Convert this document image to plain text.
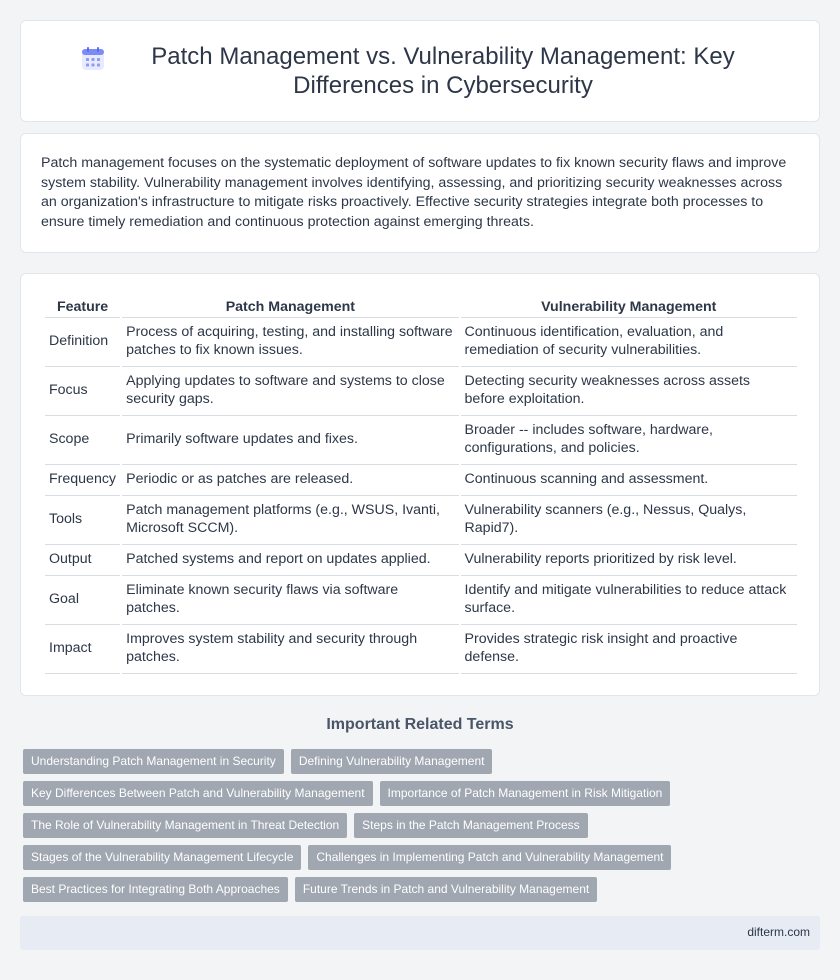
Patch Management vs. Vulnerability Management: Key Differences in Cybersecurity

Patch management focuses on the systematic deployment of software updates to fix known security flaws and improve system stability. Vulnerability management involves identifying, assessing, and prioritizing security weaknesses across an organization's infrastructure to mitigate risks proactively. Effective security strategies integrate both processes to ensure timely remediation and continuous protection against emerging threats.

Feature	Patch Management	Vulnerability Management
Definition	Process of acquiring, testing, and installing software patches to fix known issues.	Continuous identification, evaluation, and remediation of security vulnerabilities.
Focus	Applying updates to software and systems to close security gaps.	Detecting security weaknesses across assets before exploitation.
Scope	Primarily software updates and fixes.	Broader -- includes software, hardware, configurations, and policies.
Frequency	Periodic or as patches are released.	Continuous scanning and assessment.
Tools	Patch management platforms (e.g., WSUS, Ivanti, Microsoft SCCM).	Vulnerability scanners (e.g., Nessus, Qualys, Rapid7).
Output	Patched systems and report on updates applied.	Vulnerability reports prioritized by risk level.
Goal	Eliminate known security flaws via software patches.	Identify and mitigate vulnerabilities to reduce attack surface.
Impact	Improves system stability and security through patches.	Provides strategic risk insight and proactive defense.
Important Related Terms
Understanding Patch Management in Security	Defining Vulnerability Management
Key Differences Between Patch and Vulnerability Management	Importance of Patch Management in Risk Mitigation
The Role of Vulnerability Management in Threat Detection	Steps in the Patch Management Process
Stages of the Vulnerability Management Lifecycle	Challenges in Implementing Patch and Vulnerability Management
Best Practices for Integrating Both Approaches	Future Trends in Patch and Vulnerability Management
difterm.com
